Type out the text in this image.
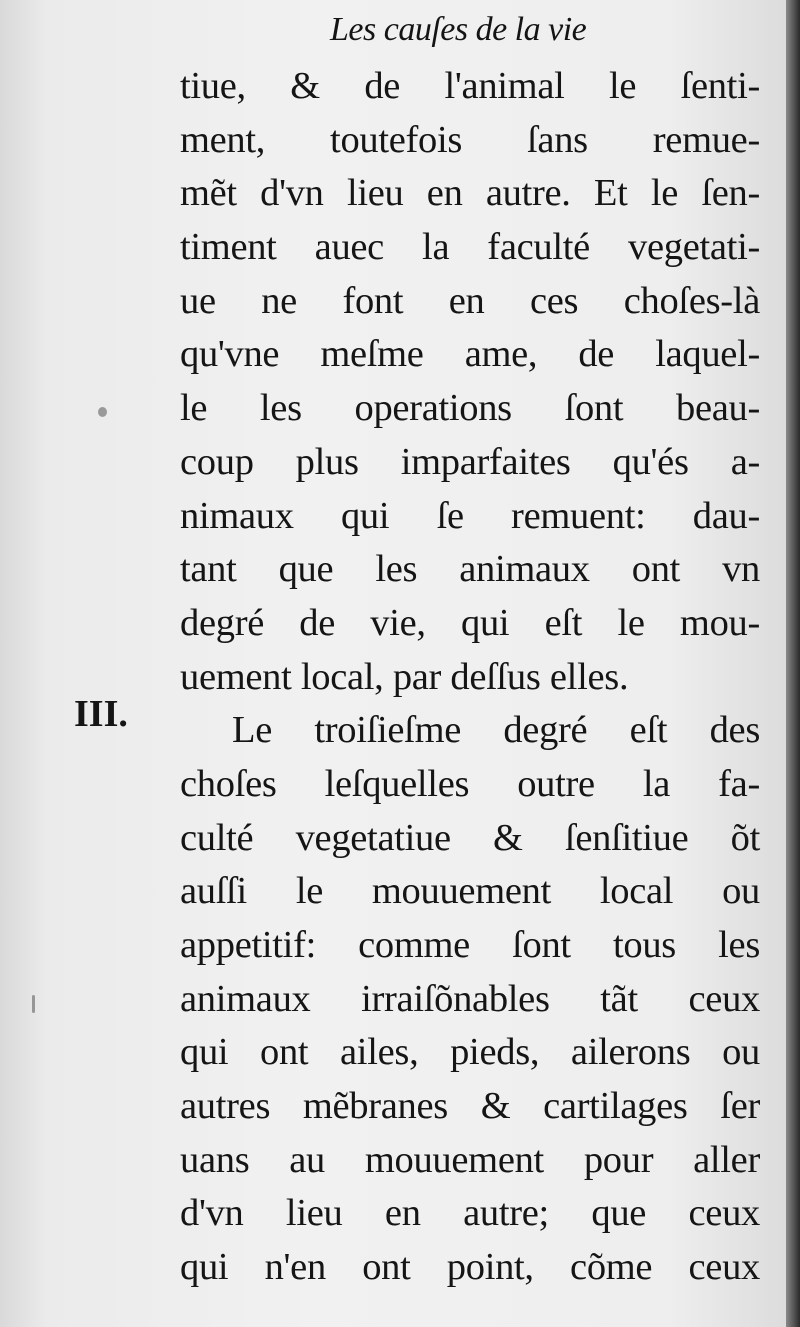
Les cauſes de la vie
III.
tiue, & de l'animal le ſenti-
ment, toutefois ſans remue-
mẽt d'vn lieu en autre. Et le ſen-
timent auec la faculté vegetati-
ue ne font en ces choſes-là
qu'vne meſme ame, de laquel-
le les operations ſont beau-
coup plus imparfaites qu'és a-
nimaux qui ſe remuent: dau-
tant que les animaux ont vn
degré de vie, qui eſt le mou-
uement local, par deſſus elles.
Le troiſieſme degré eſt des
choſes leſquelles outre la fa-
culté vegetatiue & ſenſitiue õt
auſſi le mouuement local ou
appetitif: comme ſont tous les
animaux irraiſõnables tãt ceux
qui ont ailes, pieds, ailerons ou
autres mẽbranes & cartilages ſer
uans au mouuement pour aller
d'vn lieu en autre; que ceux
qui n'en ont point, cõme ceux
